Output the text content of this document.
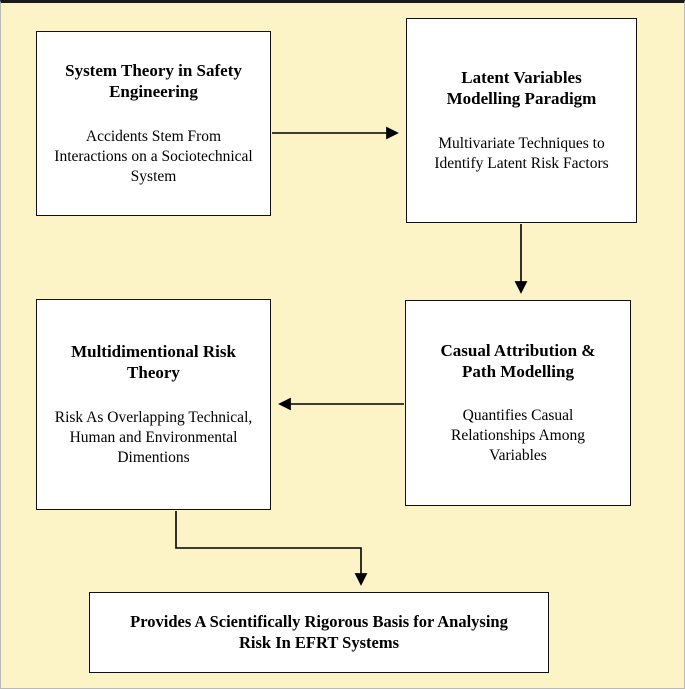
System Theory in Safety Engineering
Accidents Stem From Interactions on a Sociotechnical System
Latent Variables Modelling Paradigm
Multivariate Techniques to Identify Latent Risk Factors
Multidimentional Risk Theory
Risk As Overlapping Technical, Human and Environmental Dimentions
Casual Attribution & Path Modelling
Quantifies Casual Relationships Among Variables
Provides A Scientifically Rigorous Basis for Analysing Risk In EFRT Systems
